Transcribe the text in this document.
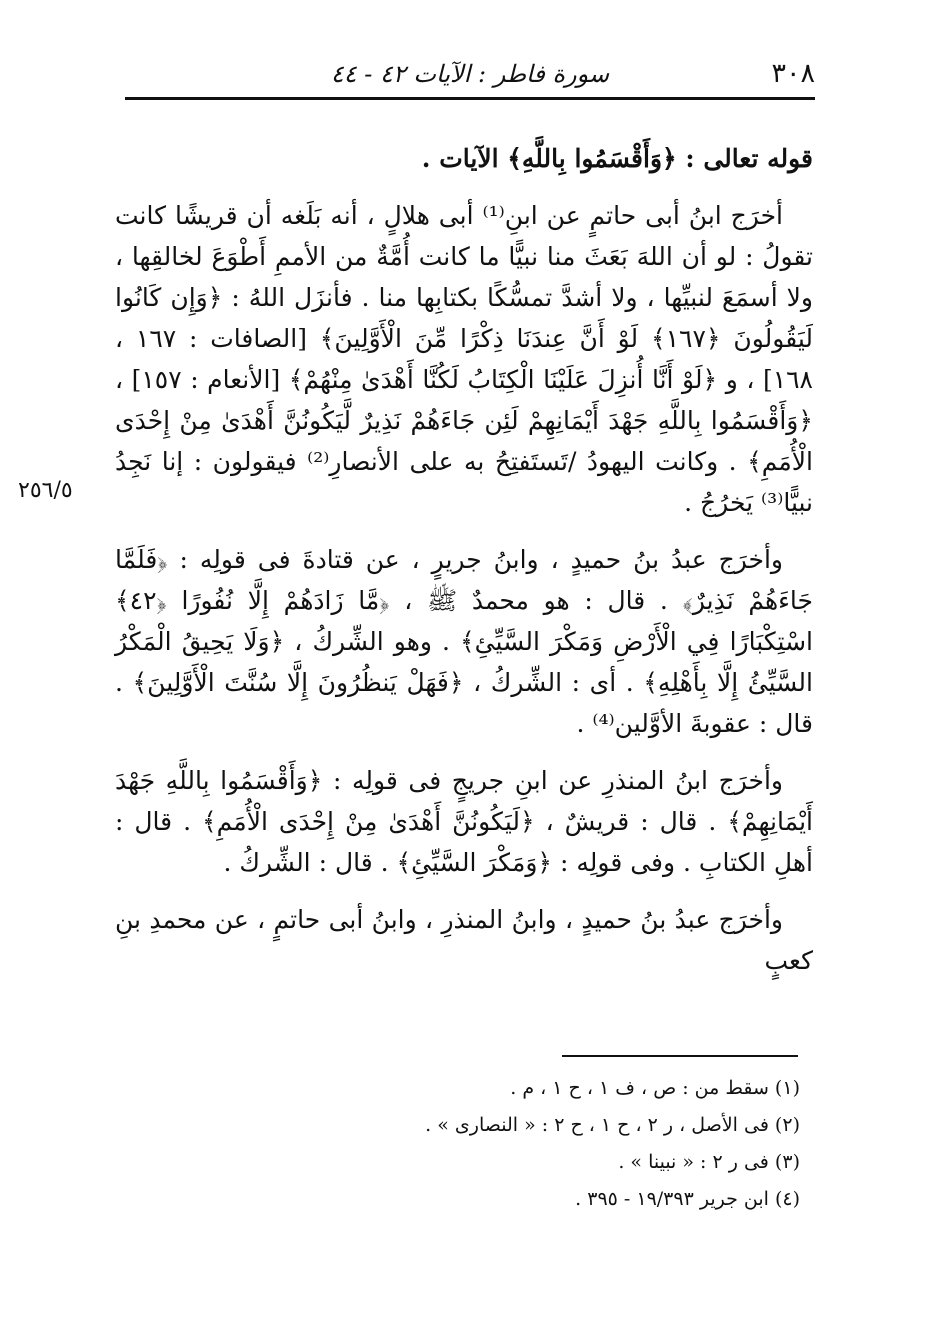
٣٠٨
سورة فاطر : الآيات ٤٢ - ٤٤
٢٥٦/٥

قوله تعالى : ﴿وَأَقْسَمُوا بِاللَّهِ﴾ الآيات .

أخرَج ابنُ أبى حاتمٍ عن ابنِ⁽¹⁾ أبى هلالٍ ، أنه بَلَغه أن قريشًا كانت تقولُ : لو أن اللهَ بَعَثَ منا نبيًّا ما كانت أُمَّةٌ من الأممِ أَطْوَعَ لخالقِها ، ولا أسمَعَ لنبيِّها ، ولا أشدَّ تمسُّكًا بكتابِها منا . فأنزَل اللهُ : ﴿وَإِن كَانُوا لَيَقُولُونَ ﴿١٦٧﴾ لَوْ أَنَّ عِندَنَا ذِكْرًا مِّنَ الْأَوَّلِينَ﴾ [الصافات : ١٦٧ ، ١٦٨] ، و ﴿لَوْ أَنَّا أُنزِلَ عَلَيْنَا الْكِتَابُ لَكُنَّا أَهْدَىٰ مِنْهُمْ﴾ [الأنعام : ١٥٧] ، ﴿وَأَقْسَمُوا بِاللَّهِ جَهْدَ أَيْمَانِهِمْ لَئِن جَاءَهُمْ نَذِيرٌ لَّيَكُونُنَّ أَهْدَىٰ مِنْ إِحْدَى الْأُمَمِ﴾ . وكانت اليهودُ /تَستَفتِحُ به على الأنصارِ⁽²⁾ فيقولون : إنا نَجِدُ نبيًّا⁽³⁾ يَخرُجُ .

وأخرَج عبدُ بنُ حميدٍ ، وابنُ جريرٍ ، عن قتادةَ فى قولِه : ﴿فَلَمَّا جَاءَهُمْ نَذِيرٌ﴾ . قال : هو محمدٌ ﷺ ، ﴿مَّا زَادَهُمْ إِلَّا نُفُورًا ﴿٤٢﴾ اسْتِكْبَارًا فِي الْأَرْضِ وَمَكْرَ السَّيِّئِ﴾ . وهو الشِّركُ ، ﴿وَلَا يَحِيقُ الْمَكْرُ السَّيِّئُ إِلَّا بِأَهْلِهِ﴾ . أى : الشِّركُ ، ﴿فَهَلْ يَنظُرُونَ إِلَّا سُنَّتَ الْأَوَّلِينَ﴾ . قال : عقوبةَ الأوَّلين⁽⁴⁾ .

وأخرَج ابنُ المنذرِ عن ابنِ جريجٍ فى قولِه : ﴿وَأَقْسَمُوا بِاللَّهِ جَهْدَ أَيْمَانِهِمْ﴾ . قال : قريشٌ ، ﴿لَيَكُونُنَّ أَهْدَىٰ مِنْ إِحْدَى الْأُمَمِ﴾ . قال : أهلِ الكتابِ . وفى قولِه : ﴿وَمَكْرَ السَّيِّئِ﴾ . قال : الشِّركُ .

وأخرَج عبدُ بنُ حميدٍ ، وابنُ المنذرِ ، وابنُ أبى حاتمٍ ، عن محمدِ بنِ كعبٍ

(١) سقط من : ص ، ف ١ ، ح ١ ، م .
(٢) فى الأصل ، ر ٢ ، ح ١ ، ح ٢ : « النصارى » .
(٣) فى ر ٢ : « نبينا » .
(٤) ابن جرير ١٩/٣٩٣ - ٣٩٥ .
